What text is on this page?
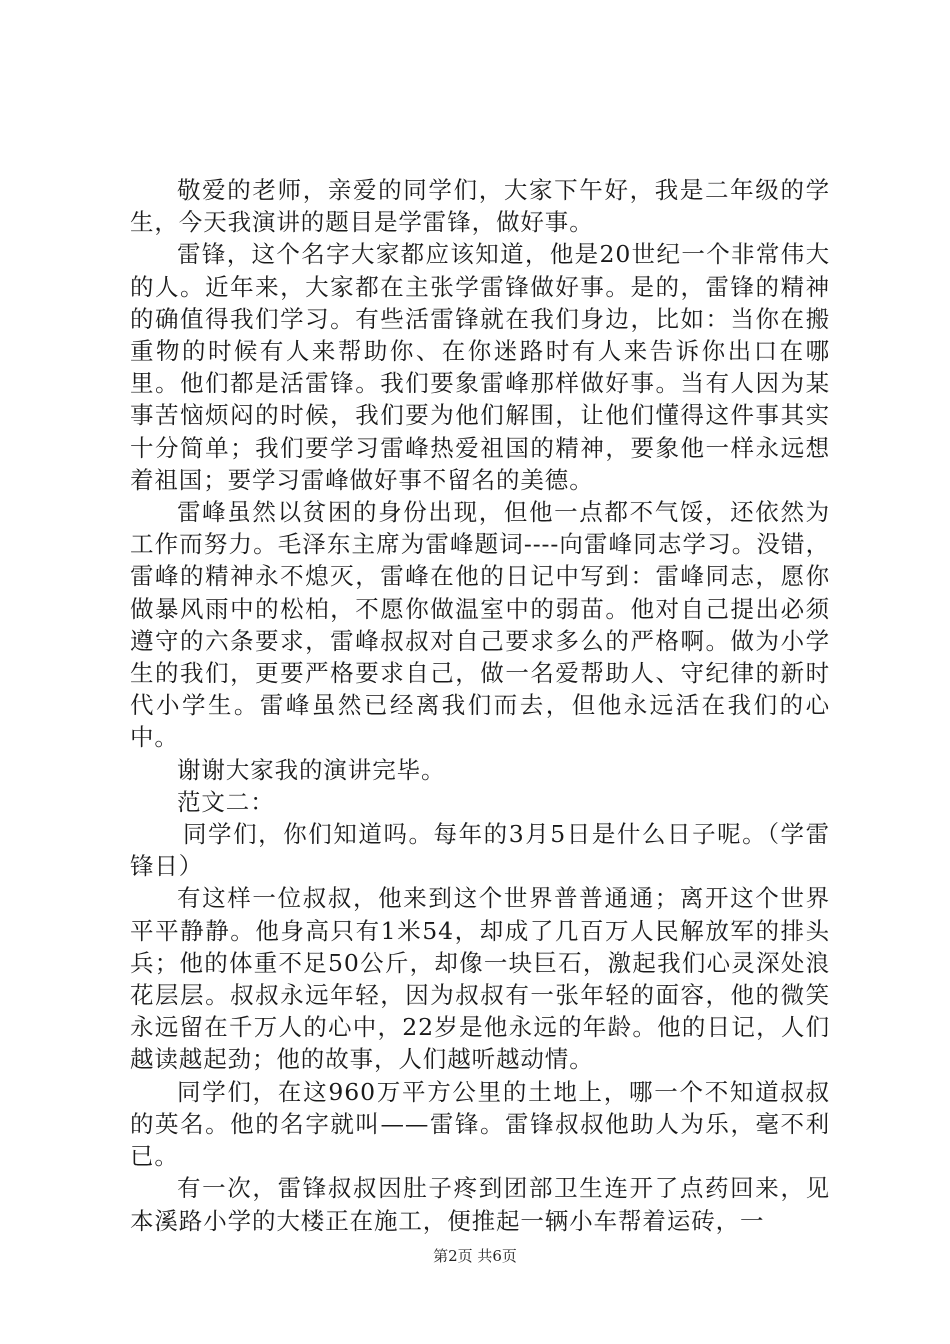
敬爱的老师，亲爱的同学们，大家下午好，我是二年级的学生，今天我演讲的题目是学雷锋，做好事。

雷锋，这个名字大家都应该知道，他是20世纪一个非常伟大的人。近年来，大家都在主张学雷锋做好事。是的，雷锋的精神的确值得我们学习。有些活雷锋就在我们身边，比如：当你在搬重物的时候有人来帮助你、在你迷路时有人来告诉你出口在哪里。他们都是活雷锋。我们要象雷峰那样做好事。当有人因为某事苦恼烦闷的时候，我们要为他们解围，让他们懂得这件事其实十分简单；我们要学习雷峰热爱祖国的精神，要象他一样永远想着祖国；要学习雷峰做好事不留名的美德。

雷峰虽然以贫困的身份出现，但他一点都不气馁，还依然为工作而努力。毛泽东主席为雷峰题词----向雷峰同志学习。没错，雷峰的精神永不熄灭，雷峰在他的日记中写到：雷峰同志，愿你做暴风雨中的松柏，不愿你做温室中的弱苗。他对自己提出必须遵守的六条要求，雷峰叔叔对自己要求多么的严格啊。做为小学生的我们，更要严格要求自己，做一名爱帮助人、守纪律的新时代小学生。雷峰虽然已经离我们而去，但他永远活在我们的心中。

谢谢大家我的演讲完毕。

范文二：

同学们，你们知道吗。每年的3月5日是什么日子呢。（学雷锋日）

有这样一位叔叔，他来到这个世界普普通通；离开这个世界平平静静。他身高只有1米54，却成了几百万人民解放军的排头兵；他的体重不足50公斤，却像一块巨石，激起我们心灵深处浪花层层。叔叔永远年轻，因为叔叔有一张年轻的面容，他的微笑永远留在千万人的心中，22岁是他永远的年龄。他的日记，人们越读越起劲；他的故事，人们越听越动情。

同学们，在这960万平方公里的土地上，哪一个不知道叔叔的英名。他的名字就叫——雷锋。雷锋叔叔他助人为乐，毫不利已。

有一次，雷锋叔叔因肚子疼到团部卫生连开了点药回来，见本溪路小学的大楼正在施工，便推起一辆小车帮着运砖，一

第2页 共6页
